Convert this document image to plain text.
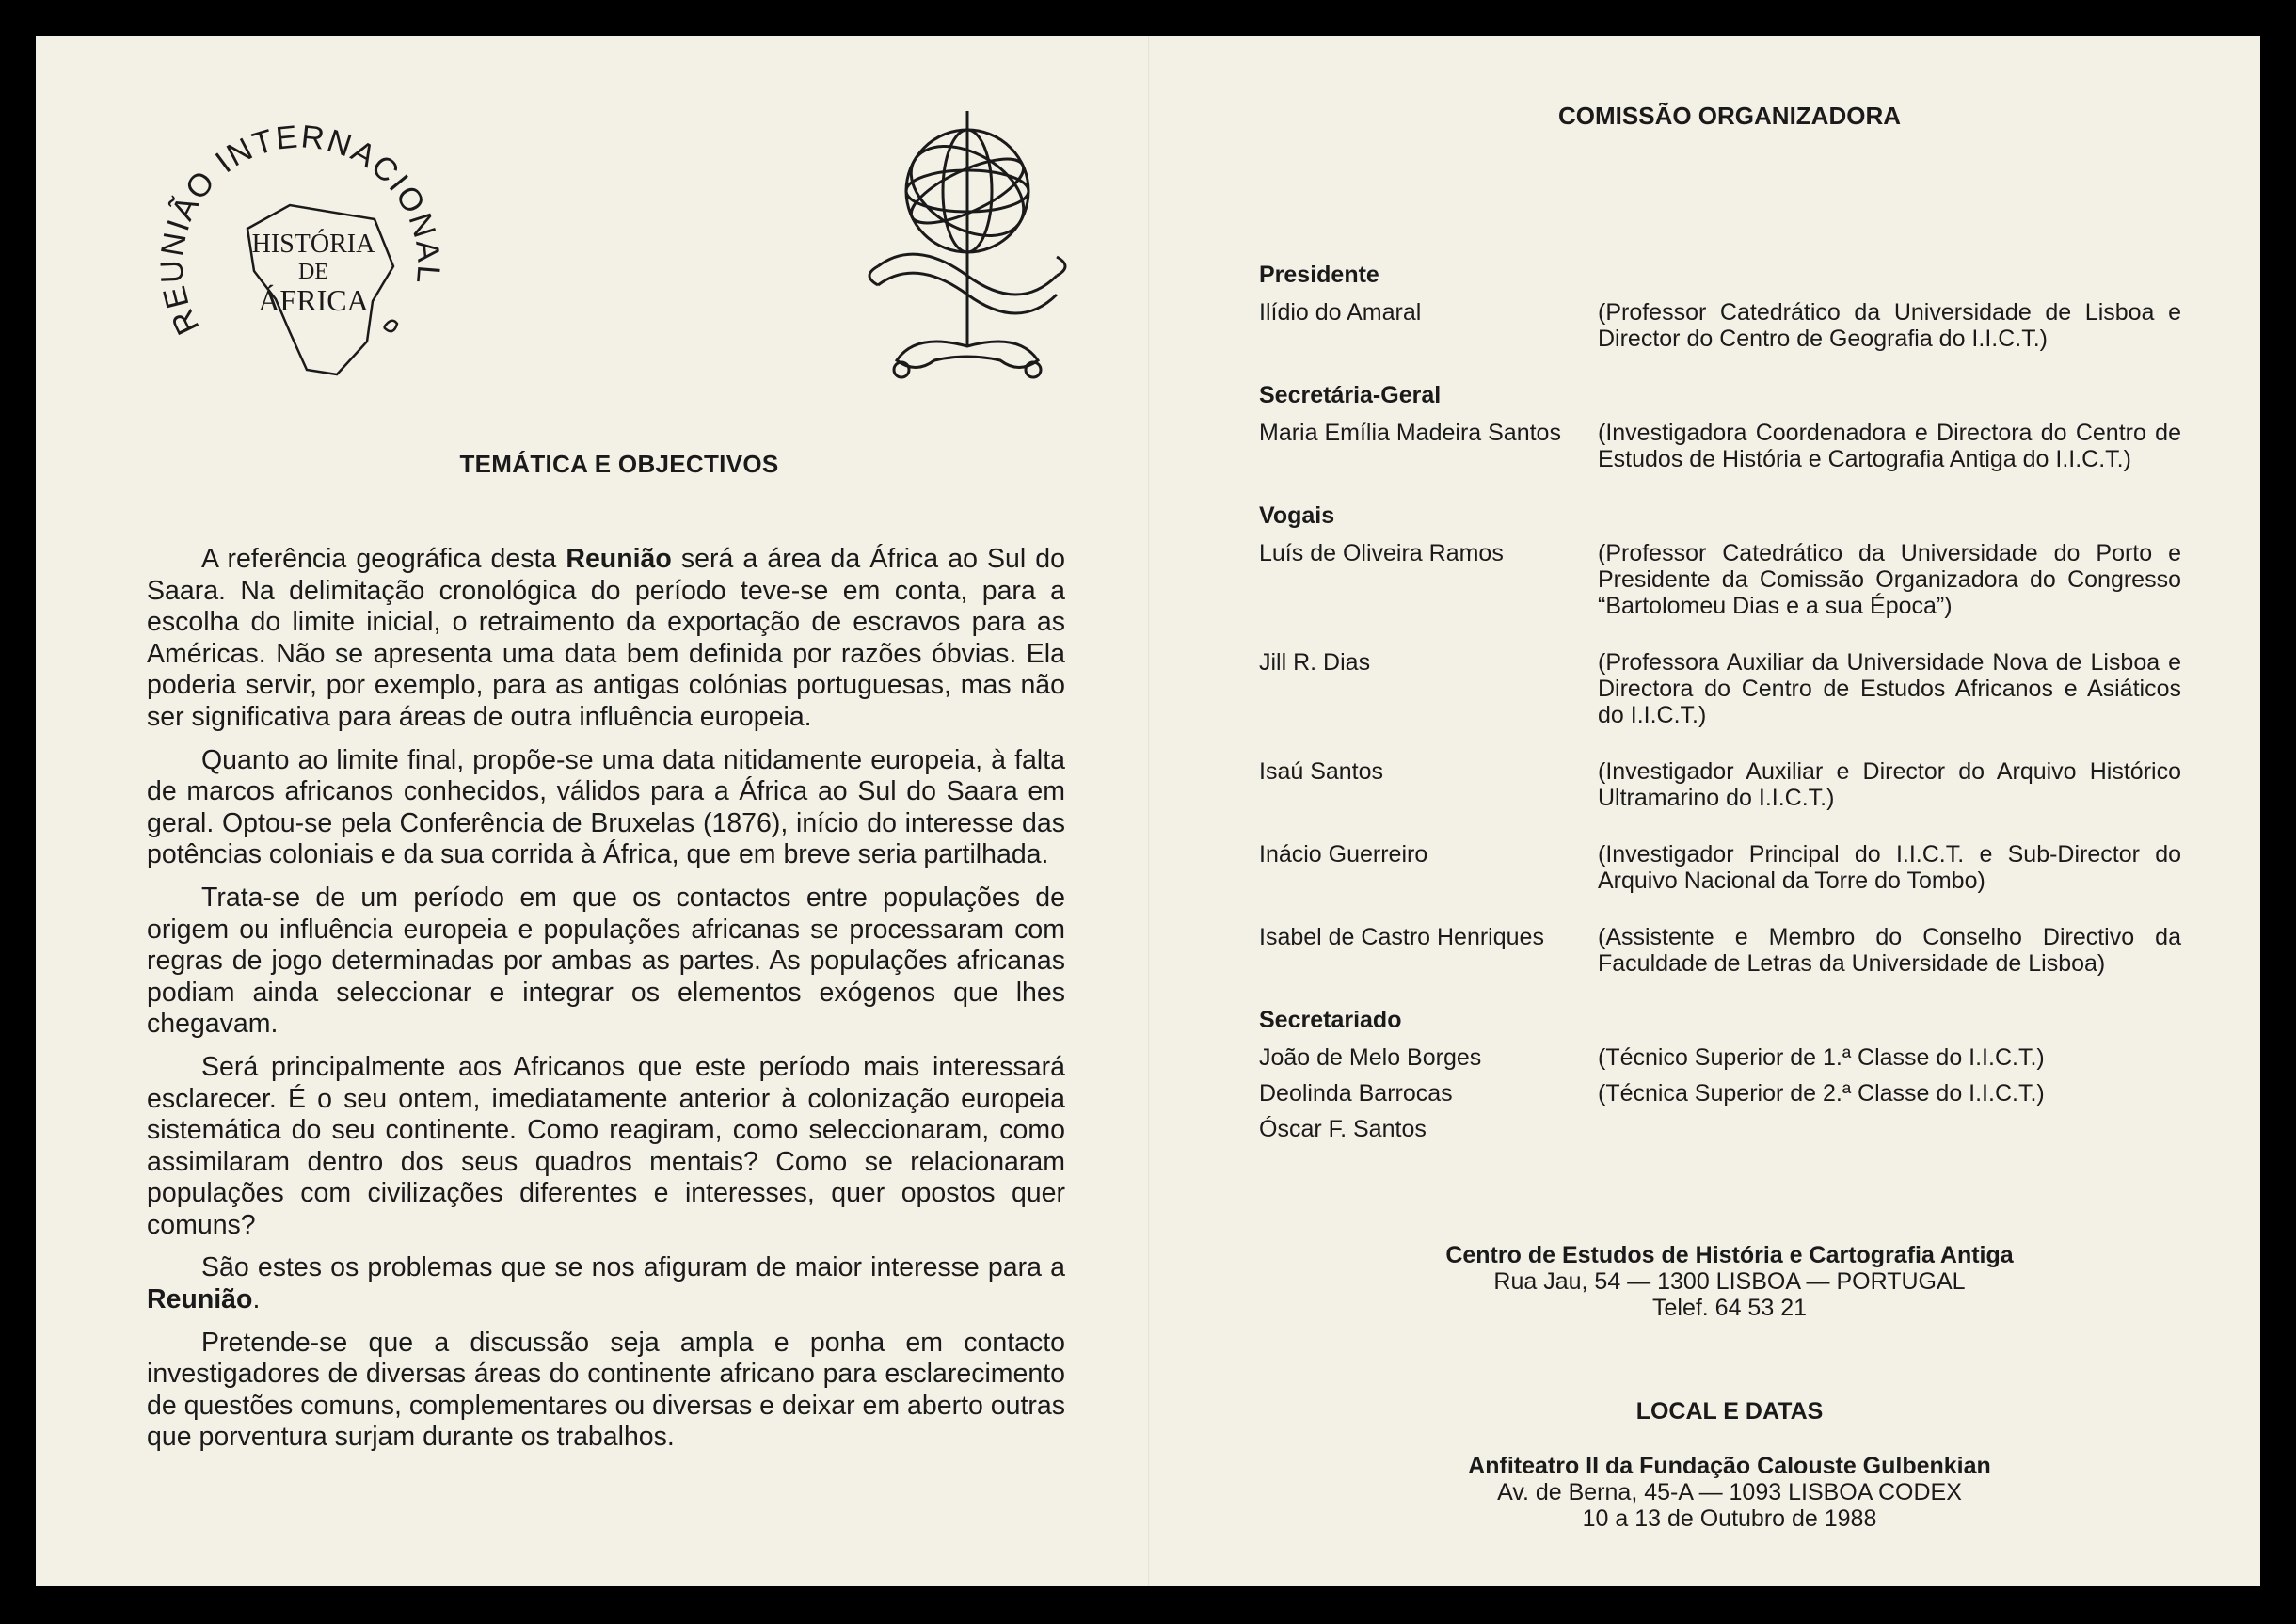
REUNIÃO INTERNACIONAL
HISTÓRIA
DE
ÁFRICA
TEMÁTICA E OBJECTIVOS

A referência geográfica desta Reunião será a área da África ao Sul do Saara. Na delimitação cronológica do período teve-se em conta, para a escolha do limite inicial, o retraimento da exportação de escravos para as Américas. Não se apresenta uma data bem definida por razões óbvias. Ela poderia servir, por exemplo, para as antigas colónias portuguesas, mas não ser significativa para áreas de outra influência europeia.

Quanto ao limite final, propõe-se uma data nitidamente europeia, à falta de marcos africanos conhecidos, válidos para a África ao Sul do Saara em geral. Optou-se pela Conferência de Bruxelas (1876), início do interesse das potências coloniais e da sua corrida à África, que em breve seria partilhada.

Trata-se de um período em que os contactos entre populações de origem ou influência europeia e populações africanas se processaram com regras de jogo determinadas por ambas as partes. As populações africanas podiam ainda seleccionar e integrar os elementos exógenos que lhes chegavam.

Será principalmente aos Africanos que este período mais interessará esclarecer. É o seu ontem, imediatamente anterior à colonização europeia sistemática do seu continente. Como reagiram, como seleccionaram, como assimilaram dentro dos seus quadros mentais? Como se relacionaram populações com civilizações diferentes e interesses, quer opostos quer comuns?

São estes os problemas que se nos afiguram de maior interesse para a Reunião.

Pretende-se que a discussão seja ampla e ponha em contacto investigadores de diversas áreas do continente africano para esclarecimento de questões comuns, complementares ou diversas e deixar em aberto outras que porventura surjam durante os trabalhos.

COMISSÃO ORGANIZADORA
Presidente
Ilídio do Amaral	(Professor Catedrático da Universidade de Lisboa e Director do Centro de Geografia do I.I.C.T.)
Secretária-Geral
Maria Emília Madeira Santos	(Investigadora Coordenadora e Directora do Centro de Estudos de História e Cartografia Antiga do I.I.C.T.)
Vogais
Luís de Oliveira Ramos	(Professor Catedrático da Universidade do Porto e Presidente da Comissão Organizadora do Congresso “Bartolomeu Dias e a sua Época”)
Jill R. Dias	(Professora Auxiliar da Universidade Nova de Lisboa e Directora do Centro de Estudos Africanos e Asiáticos do I.I.C.T.)
Isaú Santos	(Investigador Auxiliar e Director do Arquivo Histórico Ultramarino do I.I.C.T.)
Inácio Guerreiro	(Investigador Principal do I.I.C.T. e Sub-Director do Arquivo Nacional da Torre do Tombo)
Isabel de Castro Henriques	(Assistente e Membro do Conselho Directivo da Faculdade de Letras da Universidade de Lisboa)
Secretariado
João de Melo Borges	(Técnico Superior de 1.ª Classe do I.I.C.T.)
Deolinda Barrocas	(Técnica Superior de 2.ª Classe do I.I.C.T.)
Óscar F. Santos
Centro de Estudos de História e Cartografia Antiga
Rua Jau, 54 — 1300 LISBOA — PORTUGAL
Telef. 64 53 21
LOCAL E DATAS
Anfiteatro II da Fundação Calouste Gulbenkian
Av. de Berna, 45-A — 1093 LISBOA CODEX
10 a 13 de Outubro de 1988
